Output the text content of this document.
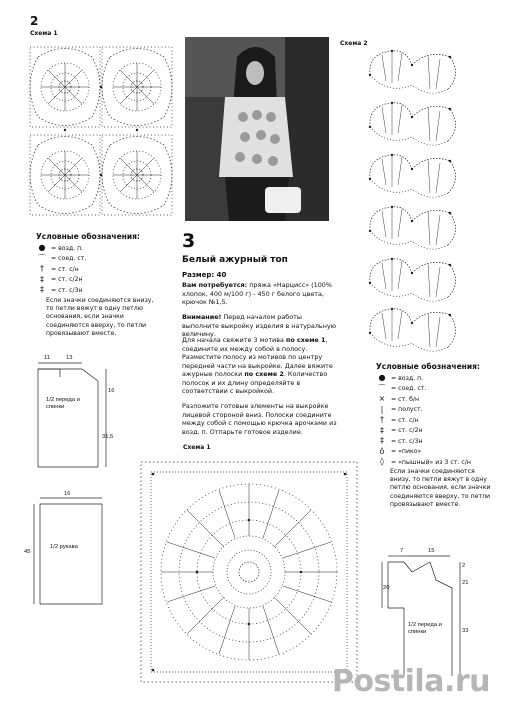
2
Схема 1
Схема 2
Условные обозначения:
● = возд. п.
⌒ = соед. ст.
†	= ст. с/н
‡	= ст. с/2н
‡	= ст. с/3н
Если значки соединяются внизу, то петли вяжут в одну петлю основания, если значки соединяются вверху, то петли провязывают вместе.
3
Белый ажурный топ
Размер: 40
Вам потребуется: пряжа «Нарцисс» (100% хлопок, 400 м/100 г) - 450 г белого цвета, крючок №1,5.
Внимание! Перед началом работы выполните выкройку изделия в натуральную величину.
Для начала свяжите 3 мотива по схеме 1, соедините их между собой в полосу. Разместите полосу из мотивов по центру передней части на выкройке. Далее вяжите ажурные полоски по схеме 2. Количество полосок и их длину определяйте в соответствии с выкройкой.
Разложите готовые элементы на выкройке лицевой стороной вниз. Полоски соедините между собой с помощью крючка арочками из возд. п. Отпарьте готовое изделие.
Схема 1
Условные обозначения:
● = возд. п.
⌒ = соед. ст.
× = ст. б/н
|	= полуст.
†	= ст. с/н
‡	= ст. с/2н
‡	= ст. с/3н
ô	= «пико»
◊	= «пышный» из 3 ст. с/н
Если значки соединяются внизу, то петли вяжут в одну петлю основания, если значки соединяются вверху, то петли провязывают вместе.
11	13
16
31,5
1/2 переда и спинки
16
45
1/2 рукава
7	15
20
2
21
33
1/2 переда и спинки
Postila.ru
